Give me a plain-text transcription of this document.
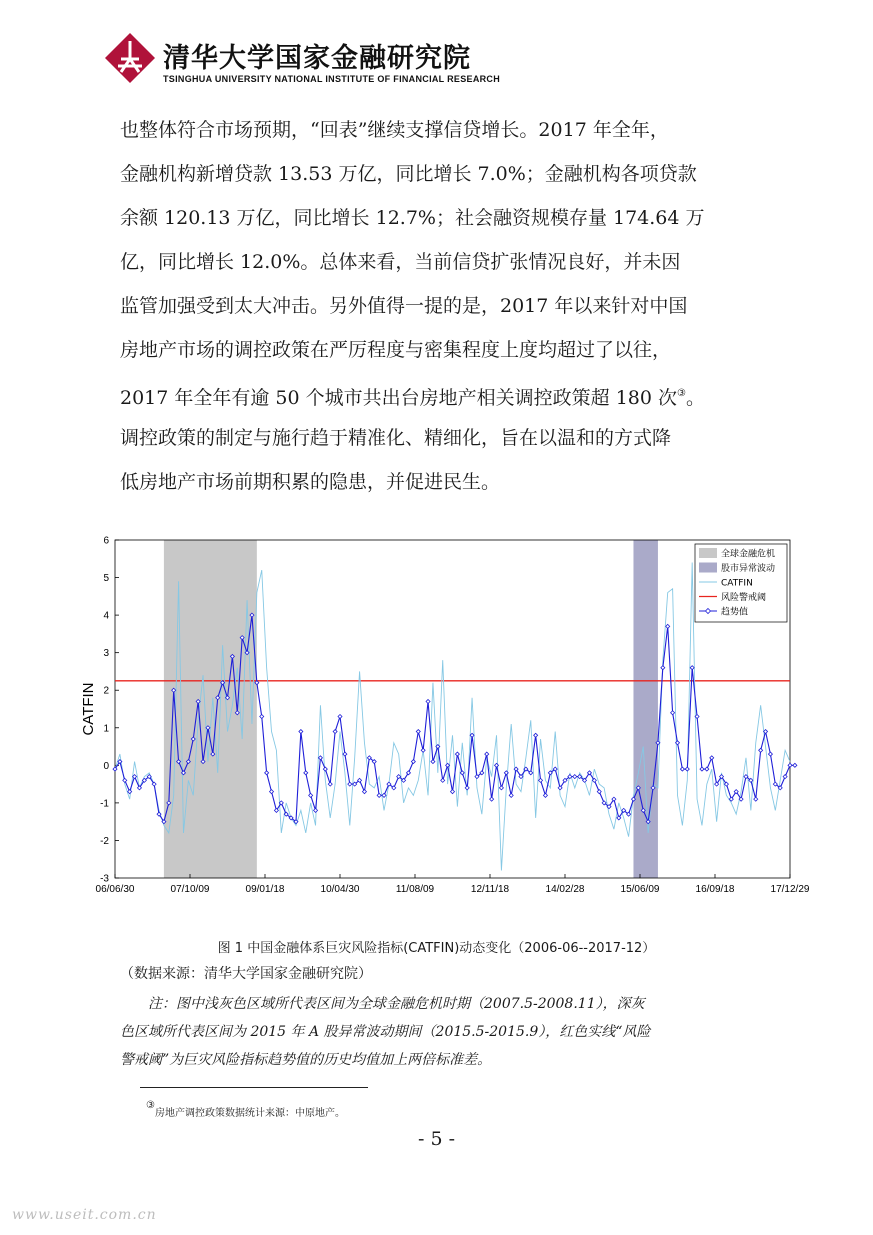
清华大学国家金融研究院
TSINGHUA UNIVERSITY NATIONAL INSTITUTE OF FINANCIAL RESEARCH

也整体符合市场预期，“回表”继续支撑信贷增长。2017 年全年，

金融机构新增贷款 13.53 万亿，同比增长 7.0%；金融机构各项贷款

余额 120.13 万亿，同比增长 12.7%；社会融资规模存量 174.64 万

亿，同比增长 12.0%。总体来看，当前信贷扩张情况良好，并未因

监管加强受到太大冲击。另外值得一提的是，2017 年以来针对中国

房地产市场的调控政策在严厉程度与密集程度上度均超过了以往，

2017 年全年有逾 50 个城市共出台房地产相关调控政策超 180 次③。

调控政策的制定与施行趋于精准化、精细化，旨在以温和的方式降

低房地产市场前期积累的隐患，并促进民生。

-3
-2
-1
0
1
2
3
4
5
6
06/06/30	07/10/09	09/01/18	10/04/30	11/08/09	12/11/18	14/02/28	15/06/09	16/09/18	17/12/29
CATFIN
全球金融危机
股市异常波动
CATFIN
风险警戒阈
趋势值
图 1 中国金融体系巨灾风险指标(CATFIN)动态变化（2006-06--2017-12）
（数据来源：清华大学国家金融研究院）

注：图中浅灰色区域所代表区间为全球金融危机时期（2007.5-2008.11），深灰

色区域所代表区间为 2015 年 A 股异常波动期间（2015.5-2015.9），红色实线“风险

警戒阈”为巨灾风险指标趋势值的历史均值加上两倍标准差。

③房地产调控政策数据统计来源：中原地产。
- 5 -
www.useit.com.cn
